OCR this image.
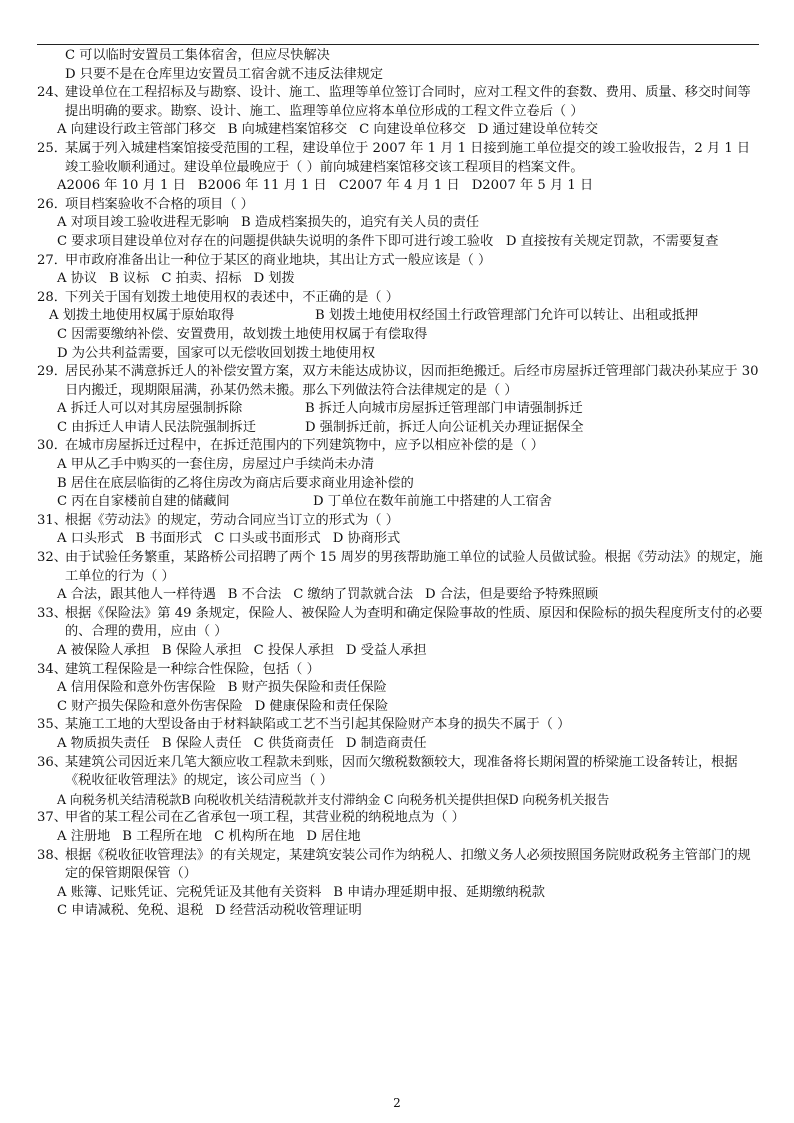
C 可以临时安置员工集体宿舍，但应尽快解决
D 只要不是在仓库里边安置员工宿舍就不违反法律规定
24、
建设单位在工程招标及与勘察、设计、施工、监理等单位签订合同时，应对工程文件的套数、费用、质量、移交时间等提出明确的要求。勘察、设计、施工、监理等单位应将本单位形成的工程文件立卷后（ ）
A 向建设行政主管部门移交 B 向城建档案馆移交 C 向建设单位移交 D 通过建设单位转交
25．
某属于列入城建档案馆接受范围的工程，建设单位于 2007 年 1 月 1 日接到施工单位提交的竣工验收报告，2 月 1 日竣工验收顺利通过。建设单位最晚应于（ ）前向城建档案馆移交该工程项目的档案文件。
A2006 年 10 月 1 日 B2006 年 11 月 1 日 C2007 年 4 月 1 日 D2007 年 5 月 1 日
26．
项目档案验收不合格的项目（ ）
A 对项目竣工验收进程无影响 B 造成档案损失的，追究有关人员的责任
C 要求项目建设单位对存在的问题提供缺失说明的条件下即可进行竣工验收 D 直接按有关规定罚款，不需要复查
27．
甲市政府准备出让一种位于某区的商业地块，其出让方式一般应该是（ ）
A 协议 B 议标 C 拍卖、招标 D 划拨
28．
下列关于国有划拨土地使用权的表述中，不正确的是（ ）
A 划拨土地使用权属于原始取得	B 划拨土地使用权经国土行政管理部门允许可以转让、出租或抵押
C 因需要缴纳补偿、安置费用，故划拨土地使用权属于有偿取得
D 为公共利益需要，国家可以无偿收回划拨土地使用权
29．
居民孙某不满意拆迁人的补偿安置方案，双方未能达成协议，因而拒绝搬迁。后经市房屋拆迁管理部门裁决孙某应于 30 日内搬迁，现期限届满，孙某仍然未搬。那么下列做法符合法律规定的是（ ）
A 拆迁人可以对其房屋强制拆除	B 拆迁人向城市房屋拆迁管理部门申请强制拆迁
C 由拆迁人申请人民法院强制拆迁	D 强制拆迁前，拆迁人向公证机关办理证据保全
30．
在城市房屋拆迁过程中，在拆迁范围内的下列建筑物中，应予以相应补偿的是（ ）
A 甲从乙手中购买的一套住房，房屋过户手续尚未办清
B 居住在底层临街的乙将住房改为商店后要求商业用途补偿的
C 丙在自家楼前自建的储藏间	D 丁单位在数年前施工中搭建的人工宿舍
31、
根据《劳动法》的规定，劳动合同应当订立的形式为（ ）
A 口头形式 B 书面形式 C 口头或书面形式 D 协商形式
32、
由于试验任务繁重，某路桥公司招聘了两个 15 周岁的男孩帮助施工单位的试验人员做试验。根据《劳动法》的规定，施工单位的行为（ ）
A 合法，跟其他人一样待遇 B 不合法 C 缴纳了罚款就合法 D 合法，但是要给予特殊照顾
33、
根据《保险法》第 49 条规定，保险人、被保险人为查明和确定保险事故的性质、原因和保险标的损失程度所支付的必要的、合理的费用，应由（ ）
A 被保险人承担 B 保险人承担 C 投保人承担 D 受益人承担
34、
建筑工程保险是一种综合性保险，包括（ ）
A 信用保险和意外伤害保险 B 财产损失保险和责任保险
C 财产损失保险和意外伤害保险 D 健康保险和责任保险
35、
某施工工地的大型设备由于材料缺陷或工艺不当引起其保险财产本身的损失不属于（ ）
A 物质损失责任 B 保险人责任 C 供货商责任 D 制造商责任
36、
某建筑公司因近来几笔大额应收工程款未到账，因而欠缴税数额较大，现准备将长期闲置的桥梁施工设备转让，根据《税收征收管理法》的规定，该公司应当（ ）
A 向税务机关结清税款B 向税收机关结清税款并支付滞纳金 C 向税务机关提供担保D 向税务机关报告
37、
甲省的某工程公司在乙省承包一项工程，其营业税的纳税地点为（ ）
A 注册地 B 工程所在地 C 机构所在地 D 居住地
38、
根据《税收征收管理法》的有关规定，某建筑安装公司作为纳税人、扣缴义务人必须按照国务院财政税务主管部门的规定的保管期限保管（）
A 账簿、记账凭证、完税凭证及其他有关资料 B 申请办理延期申报、延期缴纳税款
C 申请减税、免税、退税 D 经营活动税收管理证明
2
